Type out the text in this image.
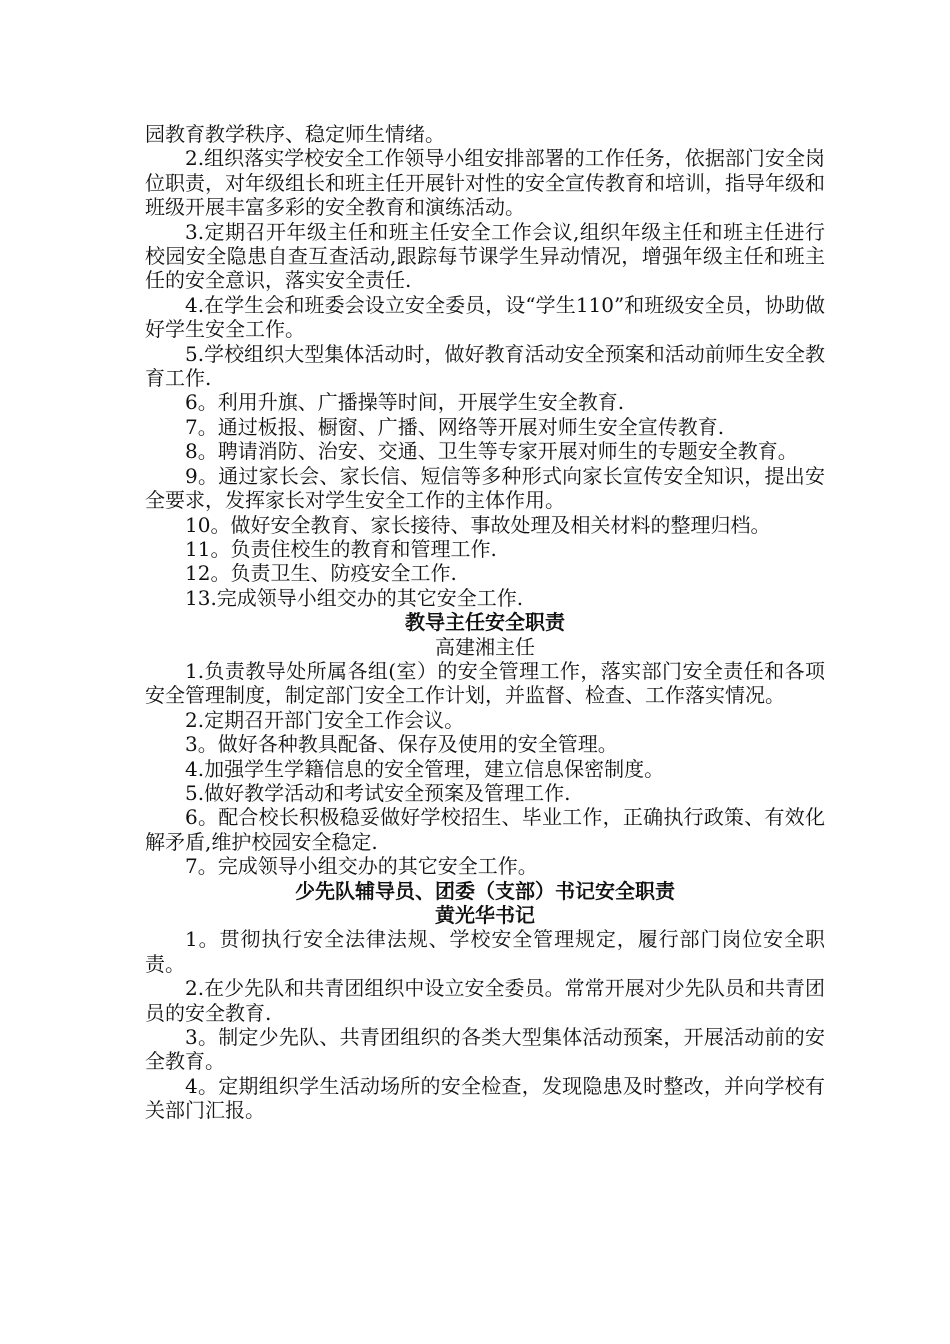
园教育教学秩序、稳定师生情绪。

2.组织落实学校安全工作领导小组安排部署的工作任务，依据部门安全岗位职责，对年级组长和班主任开展针对性的安全宣传教育和培训，指导年级和班级开展丰富多彩的安全教育和演练活动。

3.定期召开年级主任和班主任安全工作会议,组织年级主任和班主任进行校园安全隐患自查互查活动,跟踪每节课学生异动情况，增强年级主任和班主任的安全意识，落实安全责任.

4.在学生会和班委会设立安全委员，设“学生110”和班级安全员，协助做好学生安全工作。

5.学校组织大型集体活动时，做好教育活动安全预案和活动前师生安全教育工作.

6。利用升旗、广播操等时间，开展学生安全教育.

7。通过板报、橱窗、广播、网络等开展对师生安全宣传教育.

8。聘请消防、治安、交通、卫生等专家开展对师生的专题安全教育。

9。通过家长会、家长信、短信等多种形式向家长宣传安全知识，提出安全要求，发挥家长对学生安全工作的主体作用。

10。做好安全教育、家长接待、事故处理及相关材料的整理归档。

11。负责住校生的教育和管理工作.

12。负责卫生、防疫安全工作.

13.完成领导小组交办的其它安全工作.

教导主任安全职责

高建湘主任

1.负责教导处所属各组(室）的安全管理工作，落实部门安全责任和各项安全管理制度，制定部门安全工作计划，并监督、检查、工作落实情况。

2.定期召开部门安全工作会议。

3。做好各种教具配备、保存及使用的安全管理。

4.加强学生学籍信息的安全管理，建立信息保密制度。

5.做好教学活动和考试安全预案及管理工作.

6。配合校长积极稳妥做好学校招生、毕业工作，正确执行政策、有效化解矛盾,维护校园安全稳定.

7。完成领导小组交办的其它安全工作。

少先队辅导员、团委（支部）书记安全职责

黄光华书记

1。贯彻执行安全法律法规、学校安全管理规定，履行部门岗位安全职责。

2.在少先队和共青团组织中设立安全委员。常常开展对少先队员和共青团员的安全教育.

3。制定少先队、共青团组织的各类大型集体活动预案，开展活动前的安全教育。

4。定期组织学生活动场所的安全检查，发现隐患及时整改，并向学校有关部门汇报。
